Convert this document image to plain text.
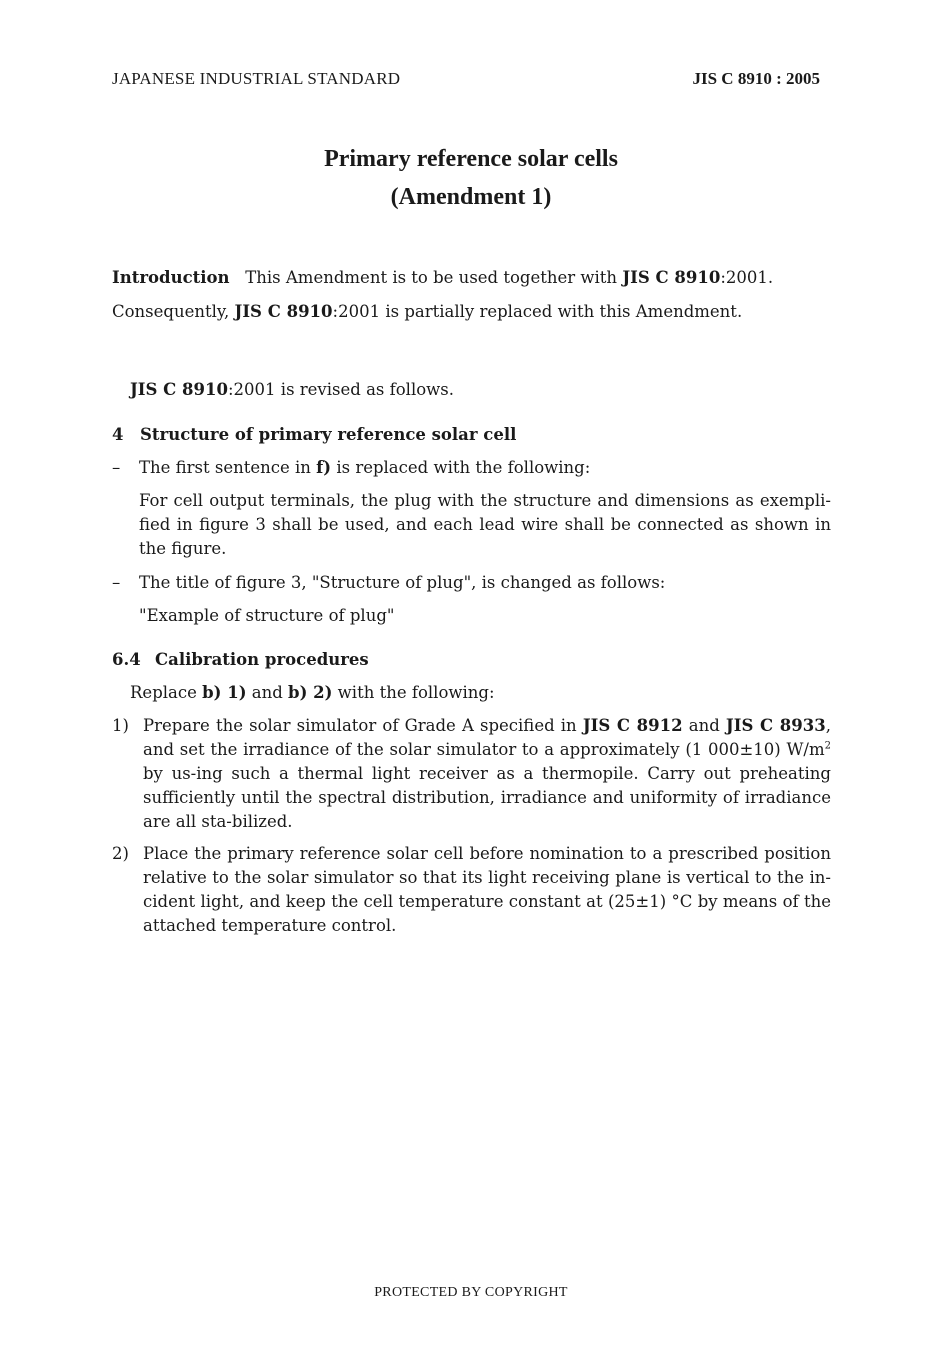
JAPANESE INDUSTRIAL STANDARD	JIS C 8910 : 2005
Primary reference solar cells
(Amendment 1)

Introduction This Amendment is to be used together with JIS C 8910:2001.

Consequently, JIS C 8910:2001 is partially replaced with this Amendment.

JIS C 8910:2001 is revised as follows.

4 Structure of primary reference solar cell

– The first sentence in f) is replaced with the following:

For cell output terminals, the plug with the structure and dimensions as exempli-fied in figure 3 shall be used, and each lead wire shall be connected as shown in the figure.

– The title of figure 3, "Structure of plug", is changed as follows:

"Example of structure of plug"

6.4 Calibration procedures

Replace b) 1) and b) 2) with the following:

1) Prepare the solar simulator of Grade A specified in JIS C 8912 and JIS C 8933, and set the irradiance of the solar simulator to a approximately (1 000±10) $W/m^2$ by us-ing such a thermal light receiver as a thermopile. Carry out preheating sufficiently until the spectral distribution, irradiance and uniformity of irradiance are all sta-bilized.
2) Place the primary reference solar cell before nomination to a prescribed position relative to the solar simulator so that its light receiving plane is vertical to the in-cident light, and keep the cell temperature constant at (25±1) °C by means of the attached temperature control.
PROTECTED BY COPYRIGHT
